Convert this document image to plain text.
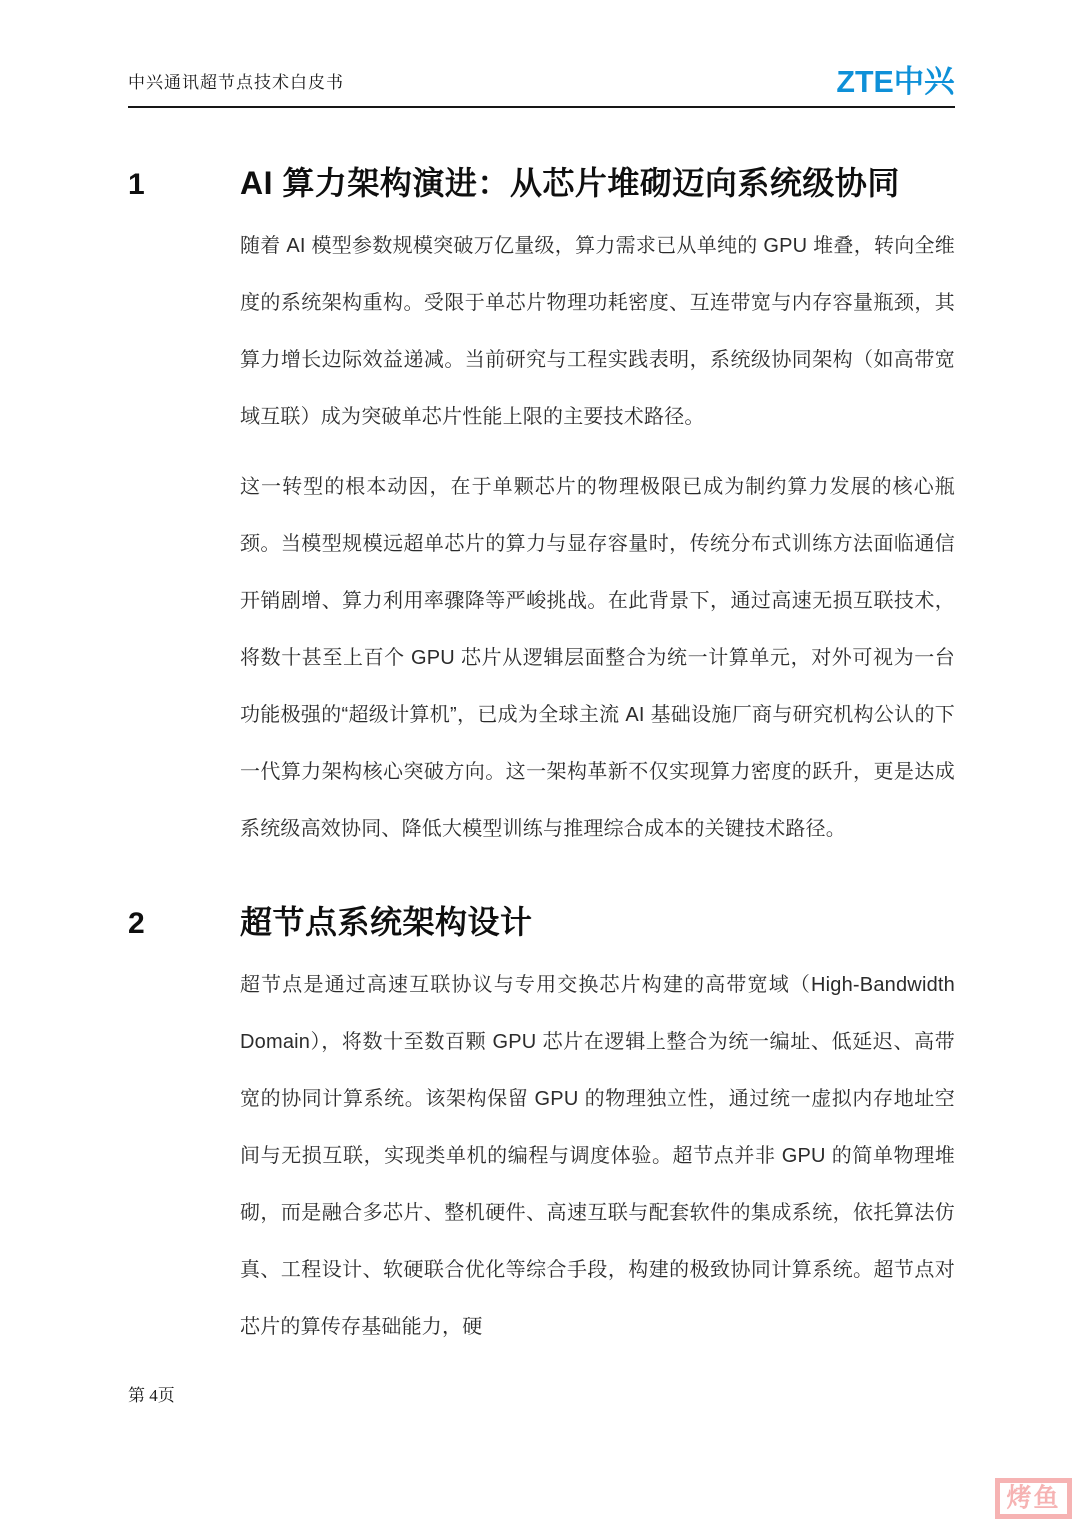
中兴通讯超节点技术白皮书	ZTE中兴
1	AI 算力架构演进：从芯片堆砌迈向系统级协同

随着 AI 模型参数规模突破万亿量级，算力需求已从单纯的 GPU 堆叠，转向全维度的系统架构重构。受限于单芯片物理功耗密度、互连带宽与内存容量瓶颈，其算力增长边际效益递减。当前研究与工程实践表明，系统级协同架构（如高带宽域互联）成为突破单芯片性能上限的主要技术路径。

这一转型的根本动因，在于单颗芯片的物理极限已成为制约算力发展的核心瓶颈。当模型规模远超单芯片的算力与显存容量时，传统分布式训练方法面临通信开销剧增、算力利用率骤降等严峻挑战。在此背景下，通过高速无损互联技术，将数十甚至上百个 GPU 芯片从逻辑层面整合为统一计算单元，对外可视为一台功能极强的“超级计算机”，已成为全球主流 AI 基础设施厂商与研究机构公认的下一代算力架构核心突破方向。这一架构革新不仅实现算力密度的跃升，更是达成系统级高效协同、降低大模型训练与推理综合成本的关键技术路径。

2	超节点系统架构设计

超节点是通过高速互联协议与专用交换芯片构建的高带宽域（High-Bandwidth Domain），将数十至数百颗 GPU 芯片在逻辑上整合为统一编址、低延迟、高带宽的协同计算系统。该架构保留 GPU 的物理独立性，通过统一虚拟内存地址空间与无损互联，实现类单机的编程与调度体验。超节点并非 GPU 的简单物理堆砌，而是融合多芯片、整机硬件、高速互联与配套软件的集成系统，依托算法仿真、工程设计、软硬联合优化等综合手段，构建的极致协同计算系统。超节点对芯片的算传存基础能力，硬

第 4页
烤鱼
